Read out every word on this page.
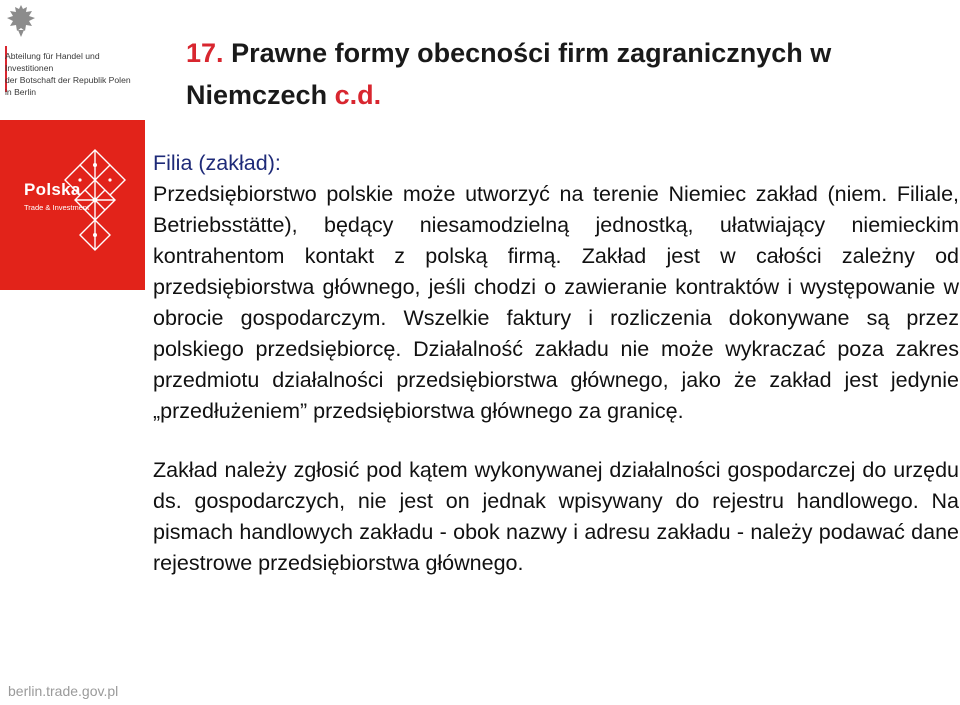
Abteilung für Handel und Investitionen
der Botschaft der Republik Polen
in Berlin
Polska
Trade & Investment
berlin.trade.gov.pl
17. Prawne formy obecności firm zagranicznych w Niemczech c.d.
Filia (zakład):
Przedsiębiorstwo polskie może utworzyć na terenie Niemiec zakład (niem. Filiale, Betriebsstätte), będący niesamodzielną jednostką, ułatwiający niemieckim kontrahentom kontakt z polską firmą. Zakład jest w całości zależny od przedsiębiorstwa głównego, jeśli chodzi o zawieranie kontraktów i występowanie w obrocie gospodarczym. Wszelkie faktury i rozliczenia dokonywane są przez polskiego przedsiębiorcę. Działalność zakładu nie może wykraczać poza zakres przedmiotu działalności przedsiębiorstwa głównego, jako że zakład jest jedynie „przedłużeniem” przedsiębiorstwa głównego za granicę.
Zakład należy zgłosić pod kątem wykonywanej działalności gospodarczej do urzędu ds. gospodarczych, nie jest on jednak wpisywany do rejestru handlowego. Na pismach handlowych zakładu - obok nazwy i adresu zakładu - należy podawać dane rejestrowe przedsiębiorstwa głównego.
